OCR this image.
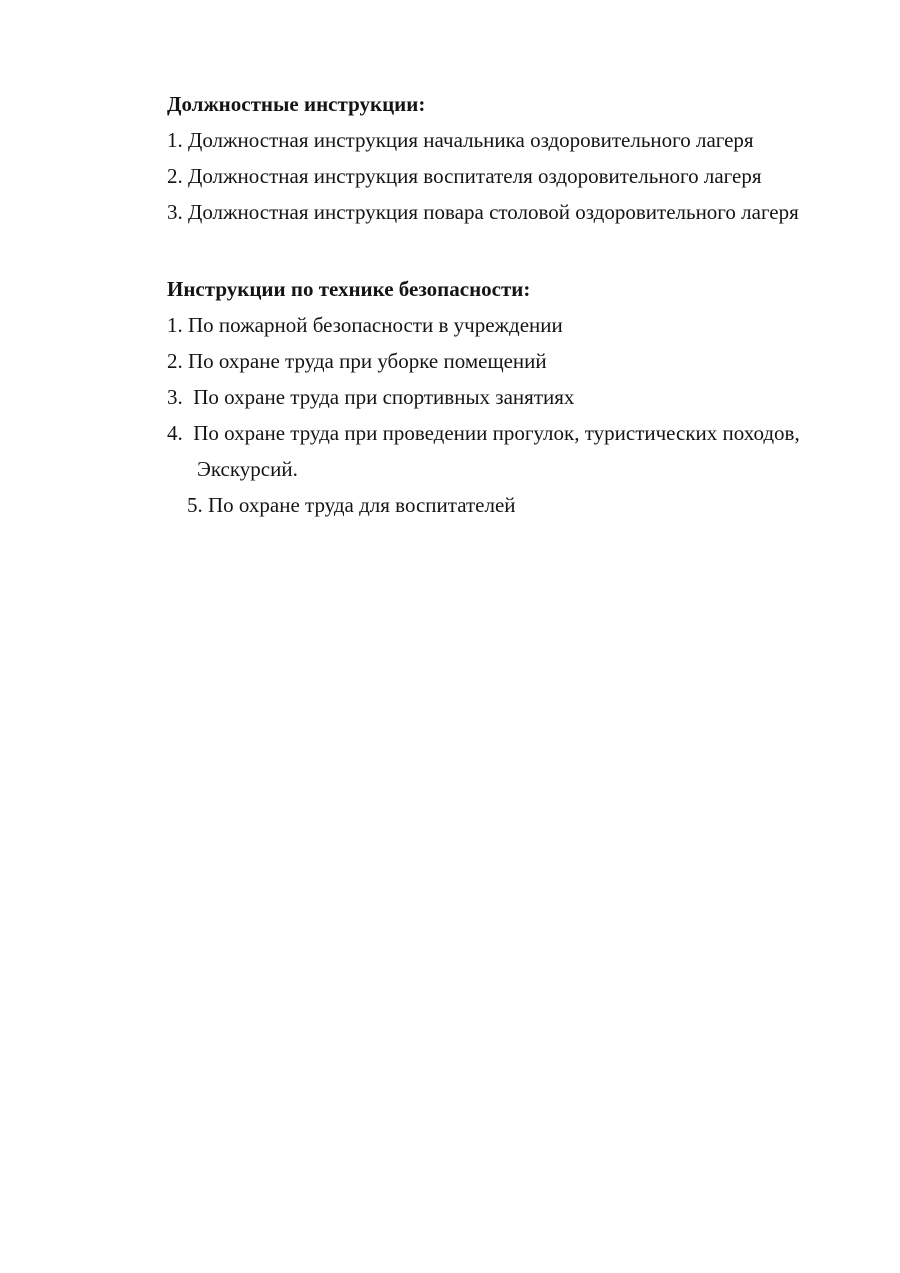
Должностные инструкции:
1. Должностная инструкция начальника оздоровительного лагеря
2. Должностная инструкция воспитателя оздоровительного лагеря
3. Должностная инструкция повара столовой оздоровительного лагеря
Инструкции по технике безопасности:
1. По пожарной безопасности в учреждении
2. По охране труда при уборке помещений
3.  По охране труда при спортивных занятиях
4.  По охране труда при проведении прогулок, туристических походов,
Экскурсий.
5. По охране труда для воспитателей
